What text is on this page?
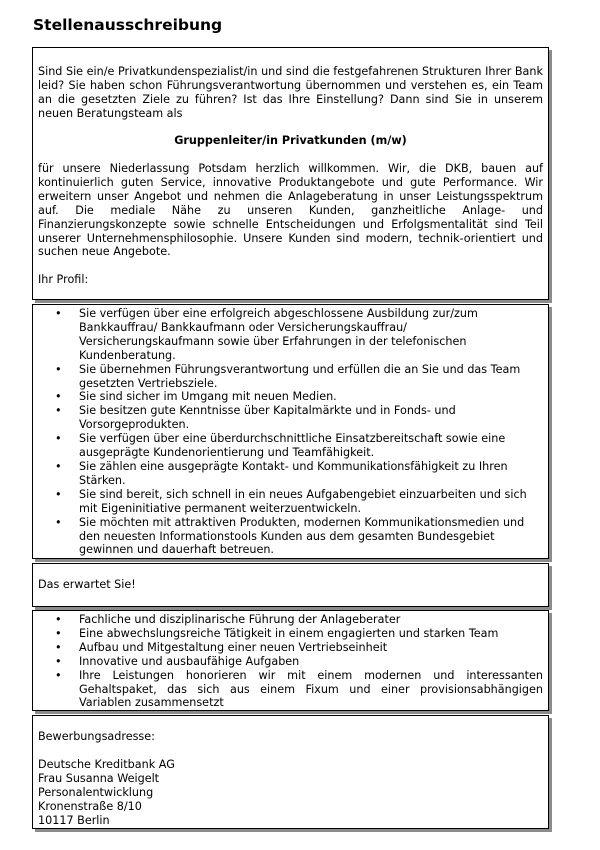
Stellenausschreibung
Sind Sie ein/e Privatkundenspezialist/in und sind die festgefahrenen Strukturen Ihrer Bank leid? Sie haben schon Führungsverantwortung übernommen und verstehen es, ein Team an die gesetzten Ziele zu führen? Ist das Ihre Einstellung? Dann sind Sie in unserem neuen Beratungsteam als
Gruppenleiter/in Privatkunden (m/w)
für unsere Niederlassung Potsdam herzlich willkommen. Wir, die DKB, bauen auf kontinuierlich guten Service, innovative Produktangebote und gute Performance. Wir erweitern unser Angebot und nehmen die Anlageberatung in unser Leistungsspektrum auf. Die mediale Nähe zu unseren Kunden, ganzheitliche Anlage- und Finanzierungskonzepte sowie schnelle Entscheidungen und Erfolgsmentalität sind Teil unserer Unternehmensphilosophie. Unsere Kunden sind modern, technik-orientiert und suchen neue Angebote.
Ihr Profil:
• Sie verfügen über eine erfolgreich abgeschlossene Ausbildung zur/zum Bankkauffrau/ Bankkaufmann oder Versicherungskauffrau/ Versicherungskaufmann sowie über Erfahrungen in der telefonischen Kundenberatung.
• Sie übernehmen Führungsverantwortung und erfüllen die an Sie und das Team gesetzten Vertriebsziele.
• Sie sind sicher im Umgang mit neuen Medien.
• Sie besitzen gute Kenntnisse über Kapitalmärkte und in Fonds- und Vorsorgeprodukten.
• Sie verfügen über eine überdurchschnittliche Einsatzbereitschaft sowie eine ausgeprägte Kundenorientierung und Teamfähigkeit.
• Sie zählen eine ausgeprägte Kontakt- und Kommunikationsfähigkeit zu Ihren Stärken.
• Sie sind bereit, sich schnell in ein neues Aufgabengebiet einzuarbeiten und sich mit Eigeninitiative permanent weiterzuentwickeln.
• Sie möchten mit attraktiven Produkten, modernen Kommunikationsmedien und den neuesten Informationstools Kunden aus dem gesamten Bundesgebiet gewinnen und dauerhaft betreuen.
Das erwartet Sie!
• Fachliche und disziplinarische Führung der Anlageberater
• Eine abwechslungsreiche Tätigkeit in einem engagierten und starken Team
• Aufbau und Mitgestaltung einer neuen Vertriebseinheit
• Innovative und ausbaufähige Aufgaben
• Ihre Leistungen honorieren wir mit einem modernen und interessanten Gehaltspaket, das sich aus einem Fixum und einer provisionsabhängigen Variablen zusammensetzt
Bewerbungsadresse:
Deutsche Kreditbank AG
Frau Susanna Weigelt
Personalentwicklung
Kronenstraße 8/10
10117 Berlin
